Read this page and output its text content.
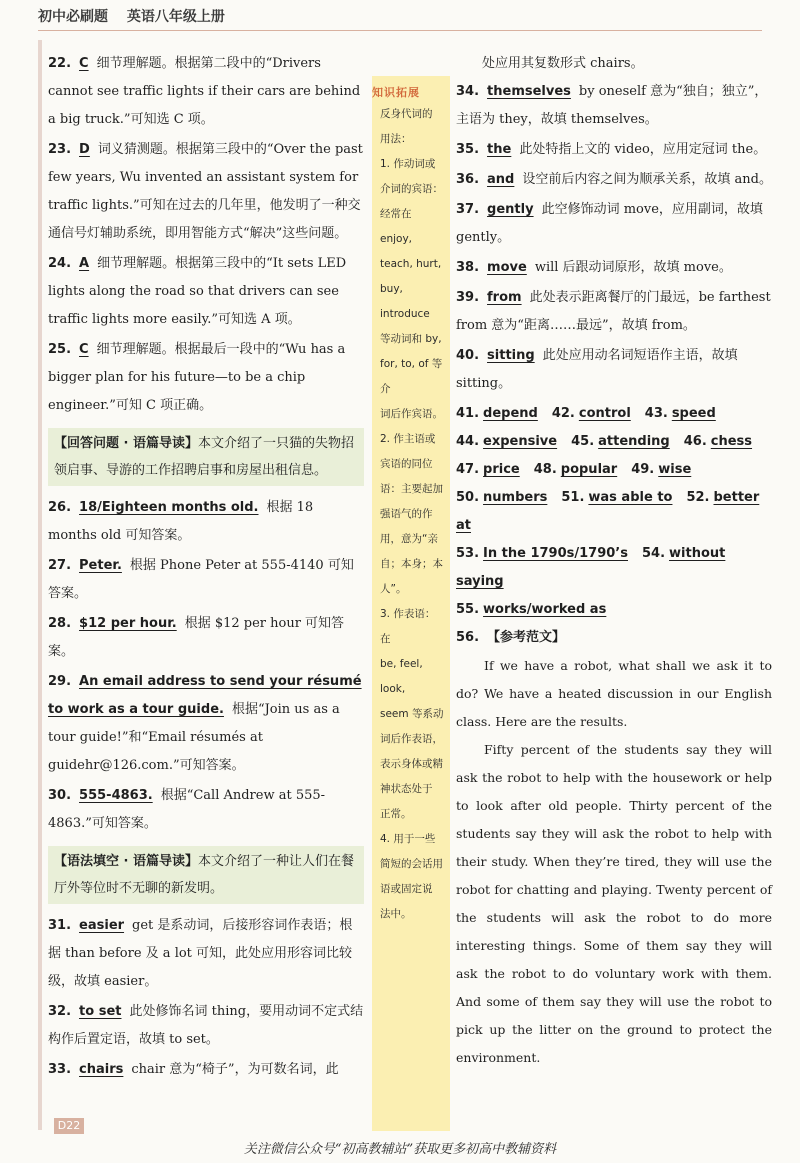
初中必刷题 英语八年级上册
22. C 细节理解题。根据第二段中的“Drivers cannot see traffic lights if their cars are behind a big truck.”可知选 C 项。
23. D 词义猜测题。根据第三段中的“Over the past few years, Wu invented an assistant system for traffic lights.”可知在过去的几年里，他发明了一种交通信号灯辅助系统，即用智能方式“解决”这些问题。
24. A 细节理解题。根据第三段中的“It sets LED lights along the road so that drivers can see traffic lights more easily.”可知选 A 项。
25. C 细节理解题。根据最后一段中的“Wu has a bigger plan for his future—to be a chip engineer.”可知 C 项正确。
【回答问题 · 语篇导读】本文介绍了一只猫的失物招领启事、导游的工作招聘启事和房屋出租信息。
26. 18/Eighteen months old. 根据 18 months old 可知答案。
27. Peter. 根据 Phone Peter at 555-4140 可知答案。
28. $12 per hour. 根据 $12 per hour 可知答案。
29. An email address to send your résumé to work as a tour guide. 根据“Join us as a tour guide!”和“Email résumés at guidehr@126.com.”可知答案。
30. 555-4863. 根据“Call Andrew at 555-4863.”可知答案。
【语法填空 · 语篇导读】本文介绍了一种让人们在餐厅外等位时不无聊的新发明。
31. easier get 是系动词，后接形容词作表语；根据 than before 及 a lot 可知，此处应用形容词比较级，故填 easier。
32. to set 此处修饰名词 thing，要用动词不定式结构作后置定语，故填 to set。
33. chairs chair 意为“椅子”，为可数名词，此
反身代词的
用法：
1. 作动词或
介词的宾语：
经常在 enjoy,
teach, hurt,
buy, introduce
等动词和 by,
for, to, of 等介
词后作宾语。
2. 作主语或
宾语的同位
语：主要起加
强语气的作
用，意为“亲
自；本身；本
人”。
3. 作表语：在
be, feel, look,
seem 等系动
词后作表语，
表示身体或精
神状态处于
正常。
4. 用于一些
简短的会话用
语或固定说
法中。
知识拓展
处应用其复数形式 chairs。
34. themselves by oneself 意为“独自；独立”，主语为 they，故填 themselves。
35. the 此处特指上文的 video，应用定冠词 the。
36. and 设空前后内容之间为顺承关系，故填 and。
37. gently 此空修饰动词 move，应用副词，故填 gently。
38. move will 后跟动词原形，故填 move。
39. from 此处表示距离餐厅的门最远，be farthest from 意为“距离……最远”，故填 from。
40. sitting 此处应用动名词短语作主语，故填 sitting。
41. depend 42. control 43. speed
44. expensive 45. attending 46. chess
47. price 48. popular 49. wise
50. numbers 51. was able to 52. better at
53. In the 1790s/1790’s 54. without saying
55. works/worked as
56. 【参考范文】

If we have a robot, what shall we ask it to do? We have a heated discussion in our English class. Here are the results.

Fifty percent of the students say they will ask the robot to help with the housework or help to look after old people. Thirty percent of the students say they will ask the robot to help with their study. When they’re tired, they will use the robot for chatting and playing. Twenty percent of the students will ask the robot to do more interesting things. Some of them say they will ask the robot to do voluntary work with them. And some of them say they will use the robot to pick up the litter on the ground to protect the environment.

D22
关注微信公众号“初高教辅站”获取更多初高中教辅资料
